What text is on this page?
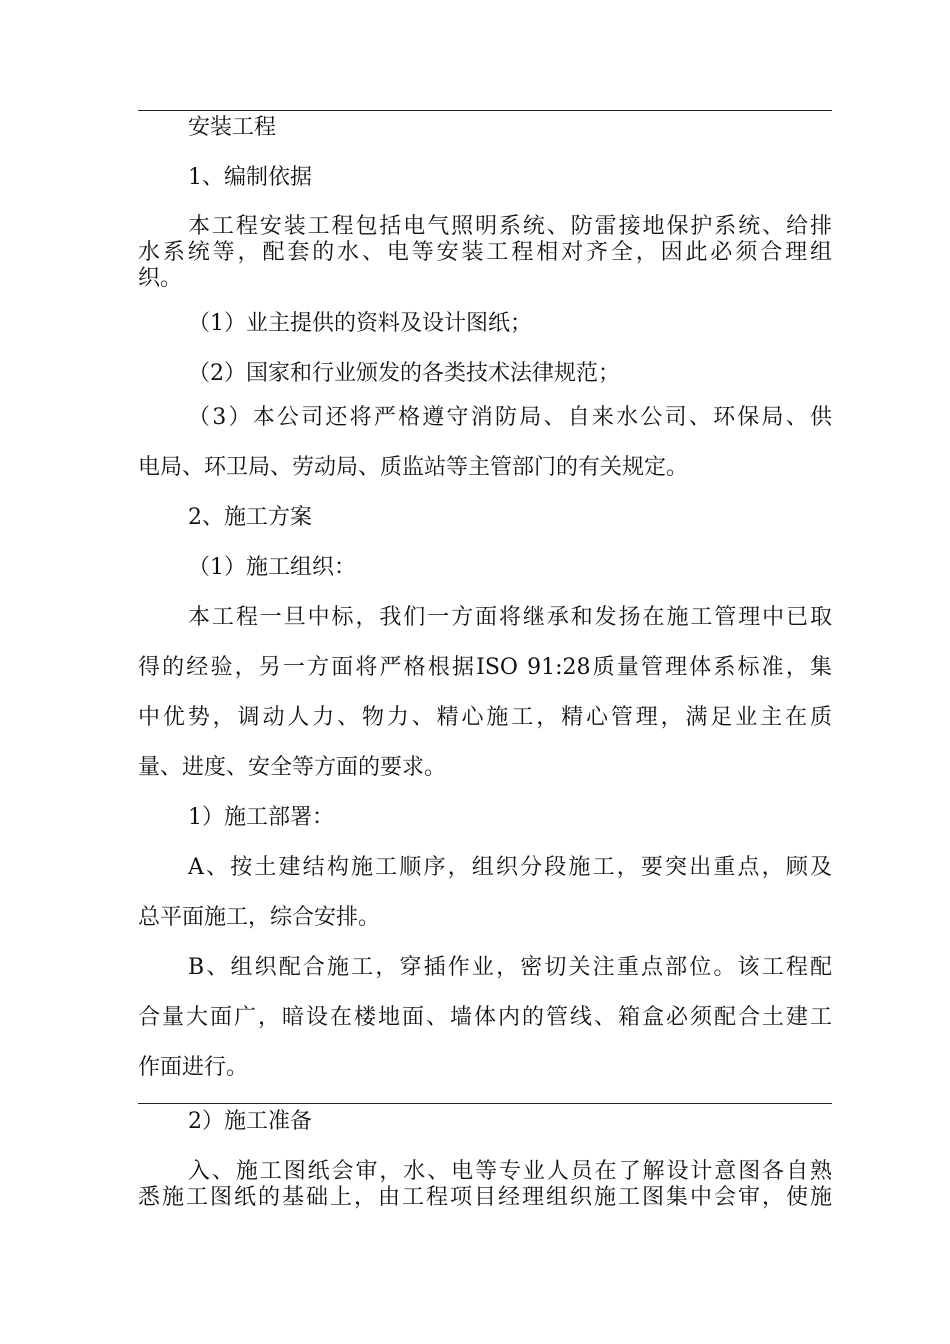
安装工程
1、编制依据
本工程安装工程包括电气照明系统、防雷接地保护系统、给排
水系统等，配套的水、电等安装工程相对齐全，因此必须合理组
织。
（1）业主提供的资料及设计图纸；
（2）国家和行业颁发的各类技术法律规范；
（3）本公司还将严格遵守消防局、自来水公司、环保局、供
电局、环卫局、劳动局、质监站等主管部门的有关规定。
2、施工方案
（1）施工组织：
本工程一旦中标，我们一方面将继承和发扬在施工管理中已取
得的经验，另一方面将严格根据ISO 91:28质量管理体系标准，集
中优势，调动人力、物力、精心施工，精心管理，满足业主在质
量、进度、安全等方面的要求。
1）施工部署：
A、按土建结构施工顺序，组织分段施工，要突出重点，顾及
总平面施工，综合安排。
B、组织配合施工，穿插作业，密切关注重点部位。该工程配
合量大面广，暗设在楼地面、墙体内的管线、箱盒必须配合土建工
作面进行。
2）施工准备
入、施工图纸会审，水、电等专业人员在了解设计意图各自熟
悉施工图纸的基础上，由工程项目经理组织施工图集中会审，使施
